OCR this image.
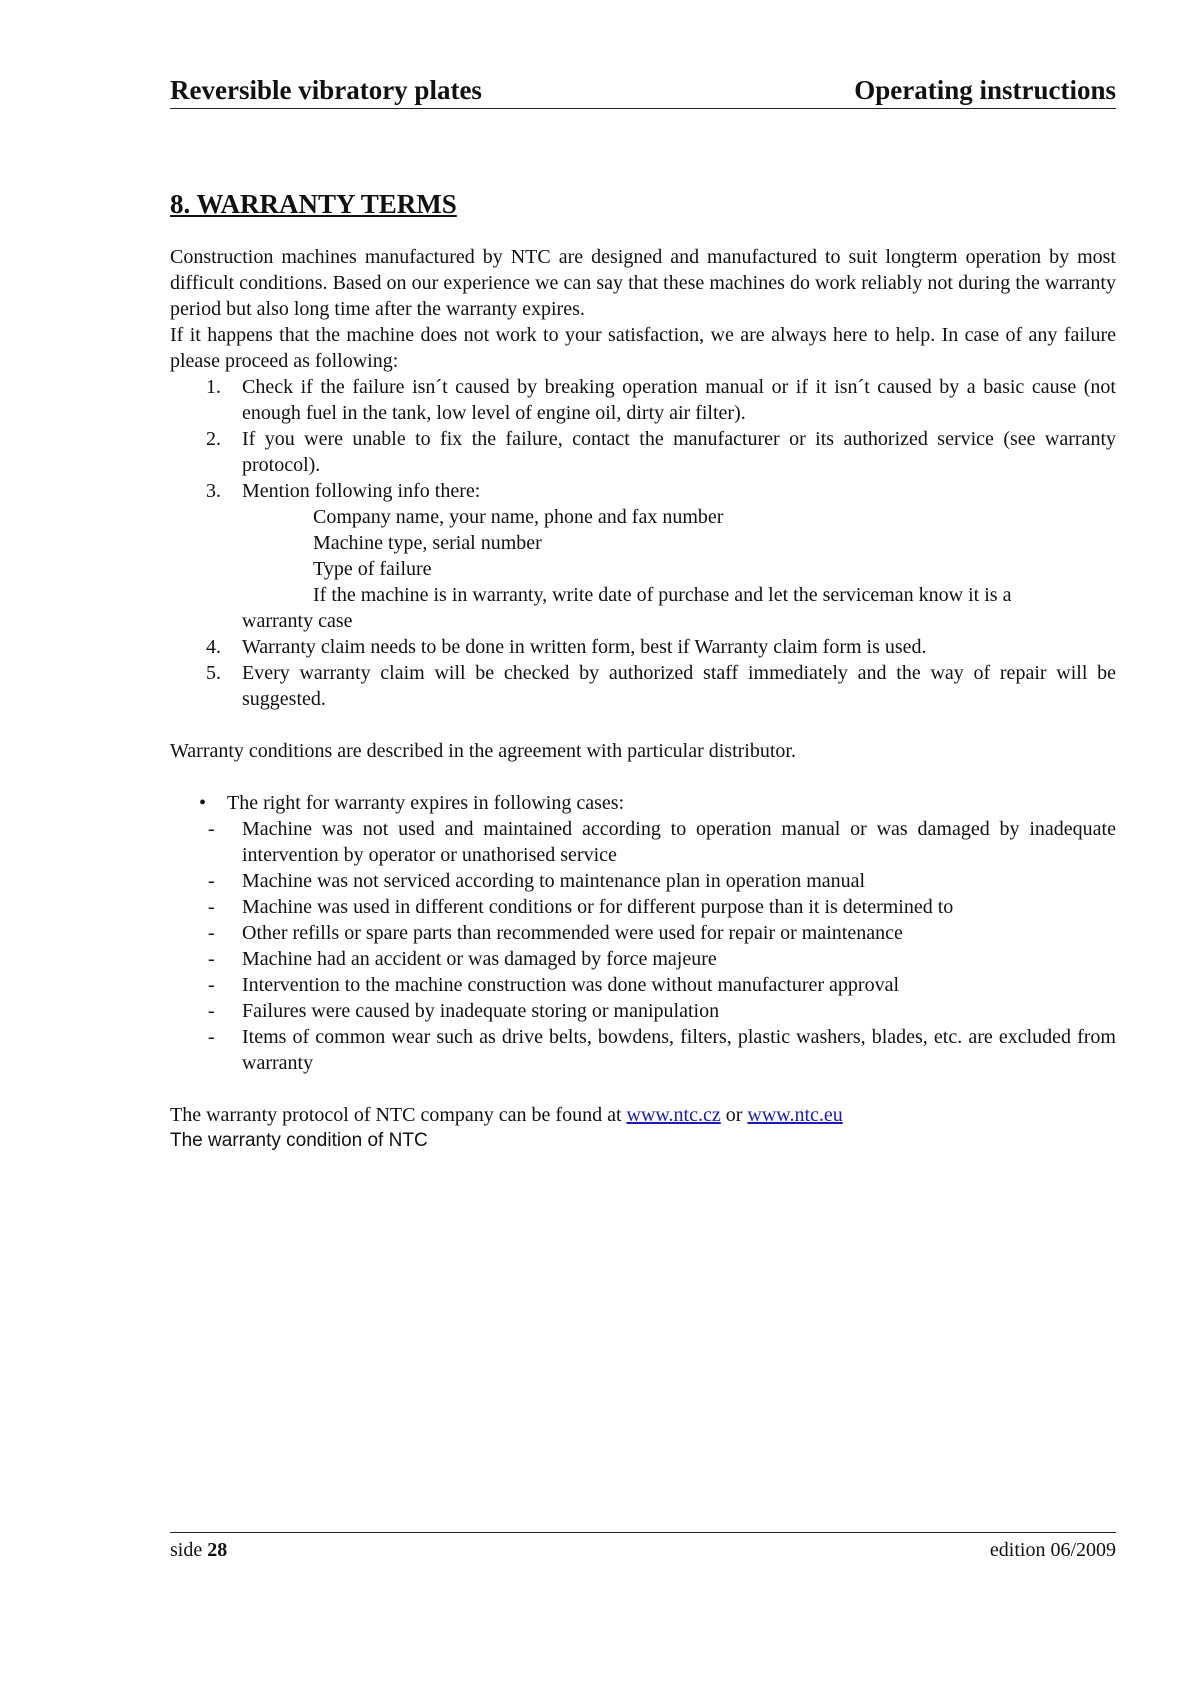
Reversible vibratory plates	Operating instructions
8. WARRANTY TERMS

Construction machines manufactured by NTC are designed and manufactured to suit longterm operation by most difficult conditions. Based on our experience we can say that these machines do work reliably not during the warranty period but also long time after the warranty expires.

If it happens that the machine does not work to your satisfaction, we are always here to help. In case of any failure please proceed as following:

1.	Check if the failure isn´t caused by breaking operation manual or if it isn´t caused by a basic cause (not enough fuel in the tank, low level of engine oil, dirty air filter).
2.	If you were unable to fix the failure, contact the manufacturer or its authorized service (see warranty protocol).
3.	Mention following info there:
Company name, your name, phone and fax number
Machine type, serial number
Type of failure
If the machine is in warranty, write date of purchase and let the serviceman know it is a
warranty case
4.	Warranty claim needs to be done in written form, best if Warranty claim form is used.
5.	Every warranty claim will be checked by authorized staff immediately and the way of repair will be suggested.

Warranty conditions are described in the agreement with particular distributor.

• The right for warranty expires in following cases:
- Machine was not used and maintained according to operation manual or was damaged by inadequate intervention by operator or unathorised service
- Machine was not serviced according to maintenance plan in operation manual
- Machine was used in different conditions or for different purpose than it is determined to
- Other refills or spare parts than recommended were used for repair or maintenance
- Machine had an accident or was damaged by force majeure
- Intervention to the machine construction was done without manufacturer approval
- Failures were caused by inadequate storing or manipulation
- Items of common wear such as drive belts, bowdens, filters, plastic washers, blades, etc. are excluded from warranty

The warranty protocol of NTC company can be found at www.ntc.cz or www.ntc.eu

The warranty condition of NTC

side 28	edition 06/2009
